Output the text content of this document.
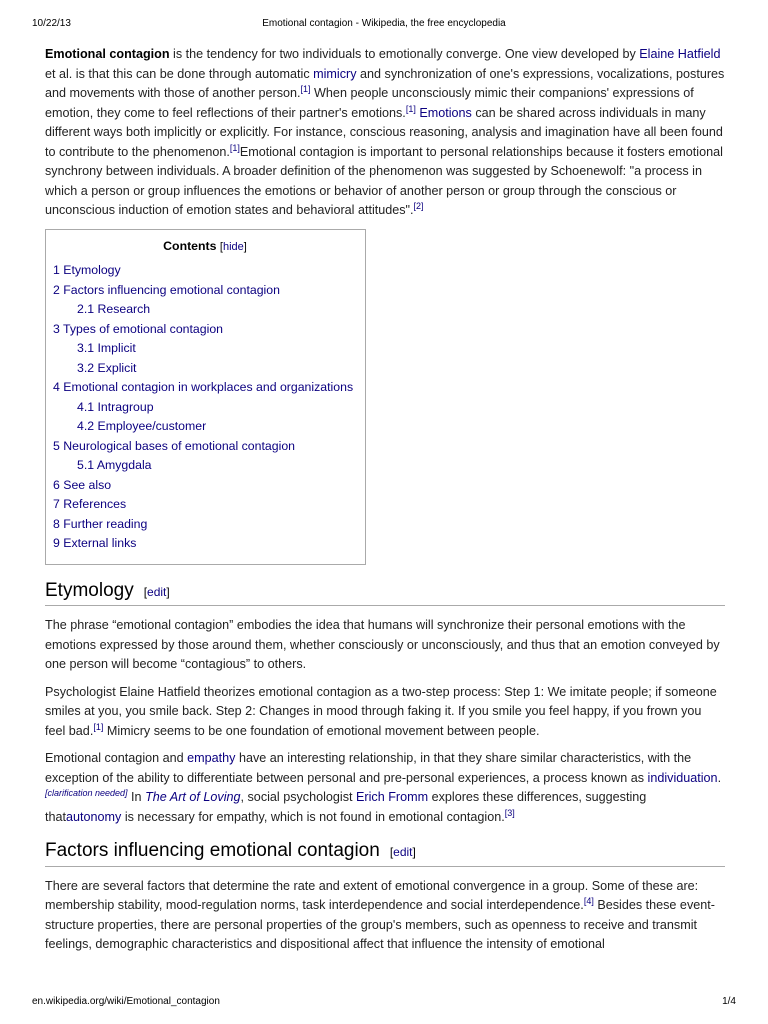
10/22/13	Emotional contagion - Wikipedia, the free encyclopedia

Emotional contagion is the tendency for two individuals to emotionally converge. One view developed by Elaine Hatfield et al. is that this can be done through automatic mimicry and synchronization of one's expressions, vocalizations, postures and movements with those of another person.[1] When people unconsciously mimic their companions' expressions of emotion, they come to feel reflections of their partner's emotions.[1] Emotions can be shared across individuals in many different ways both implicitly or explicitly. For instance, conscious reasoning, analysis and imagination have all been found to contribute to the phenomenon.[1]Emotional contagion is important to personal relationships because it fosters emotional synchrony between individuals. A broader definition of the phenomenon was suggested by Schoenewolf: "a process in which a person or group influences the emotions or behavior of another person or group through the conscious or unconscious induction of emotion states and behavioral attitudes".[2]

Contents [hide]
1 Etymology
2 Factors influencing emotional contagion
2.1 Research
3 Types of emotional contagion
3.1 Implicit
3.2 Explicit
4 Emotional contagion in workplaces and organizations
4.1 Intragroup
4.2 Employee/customer
5 Neurological bases of emotional contagion
5.1 Amygdala
6 See also
7 References
8 Further reading
9 External links
Etymology [edit]

The phrase “emotional contagion” embodies the idea that humans will synchronize their personal emotions with the emotions expressed by those around them, whether consciously or unconsciously, and thus that an emotion conveyed by one person will become “contagious” to others.

Psychologist Elaine Hatfield theorizes emotional contagion as a two-step process: Step 1: We imitate people; if someone smiles at you, you smile back. Step 2: Changes in mood through faking it. If you smile you feel happy, if you frown you feel bad.[1] Mimicry seems to be one foundation of emotional movement between people.

Emotional contagion and empathy have an interesting relationship, in that they share similar characteristics, with the exception of the ability to differentiate between personal and pre-personal experiences, a process known as individuation.[clarification needed] In The Art of Loving, social psychologist Erich Fromm explores these differences, suggesting thatautonomy is necessary for empathy, which is not found in emotional contagion.[3]

Factors influencing emotional contagion [edit]

There are several factors that determine the rate and extent of emotional convergence in a group. Some of these are: membership stability, mood-regulation norms, task interdependence and social interdependence.[4] Besides these event-structure properties, there are personal properties of the group's members, such as openness to receive and transmit feelings, demographic characteristics and dispositional affect that influence the intensity of emotional

en.wikipedia.org/wiki/Emotional_contagion	1/4
